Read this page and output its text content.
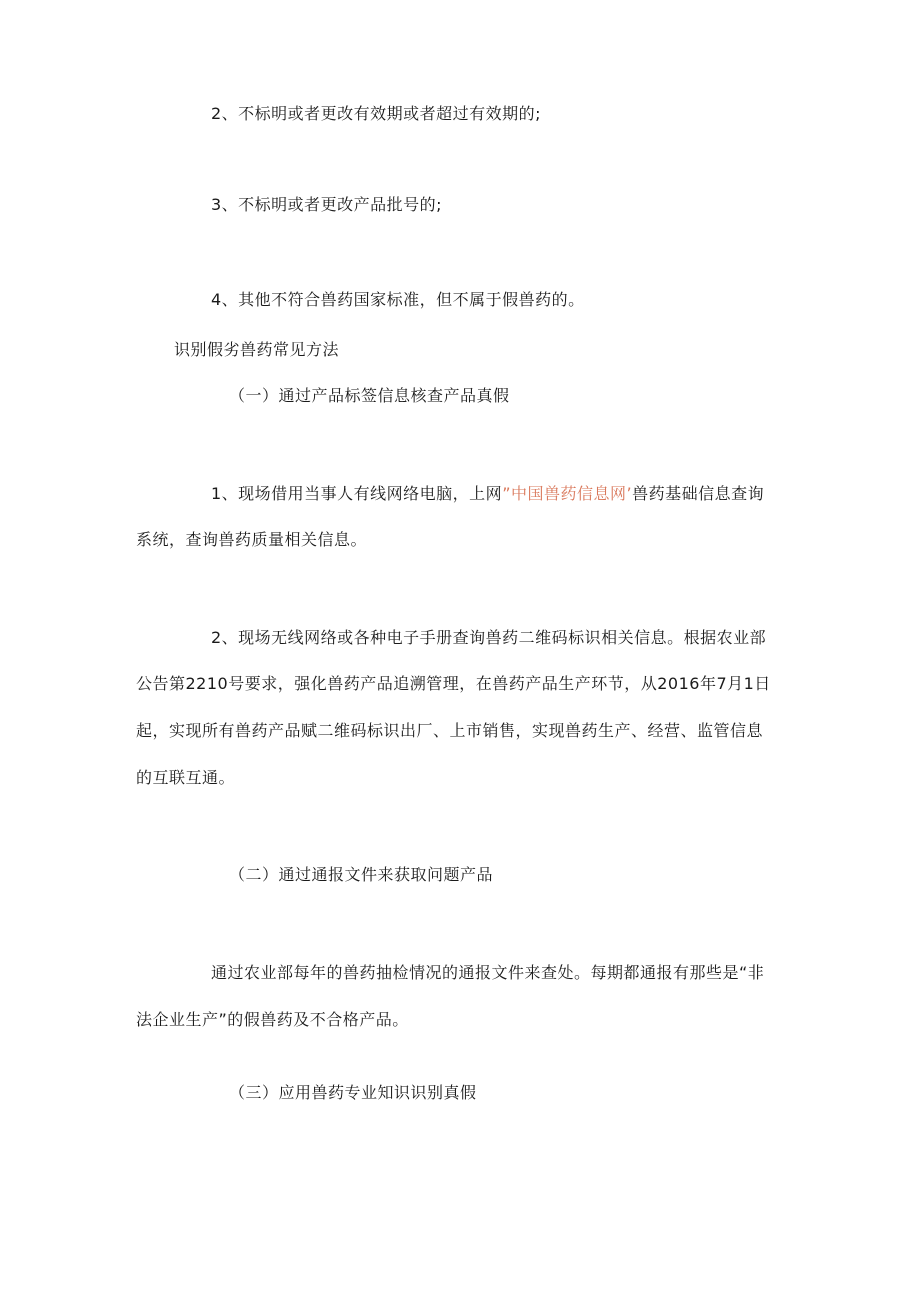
2、不标明或者更改有效期或者超过有效期的;
3、不标明或者更改产品批号的;
4、其他不符合兽药国家标准，但不属于假兽药的。
识别假劣兽药常见方法
（一）通过产品标签信息核查产品真假
1、现场借用当事人有线网络电脑，上网”中国兽药信息网’兽药基础信息查询
系统，查询兽药质量相关信息。
2、现场无线网络或各种电子手册查询兽药二维码标识相关信息。根据农业部
公告第2210号要求，强化兽药产品追溯管理，在兽药产品生产环节，从2016年7月1日
起，实现所有兽药产品赋二维码标识出厂、上市销售，实现兽药生产、经营、监管信息
的互联互通。
（二）通过通报文件来获取问题产品
通过农业部每年的兽药抽检情况的通报文件来查处。每期都通报有那些是“非
法企业生产”的假兽药及不合格产品。
（三）应用兽药专业知识识别真假
